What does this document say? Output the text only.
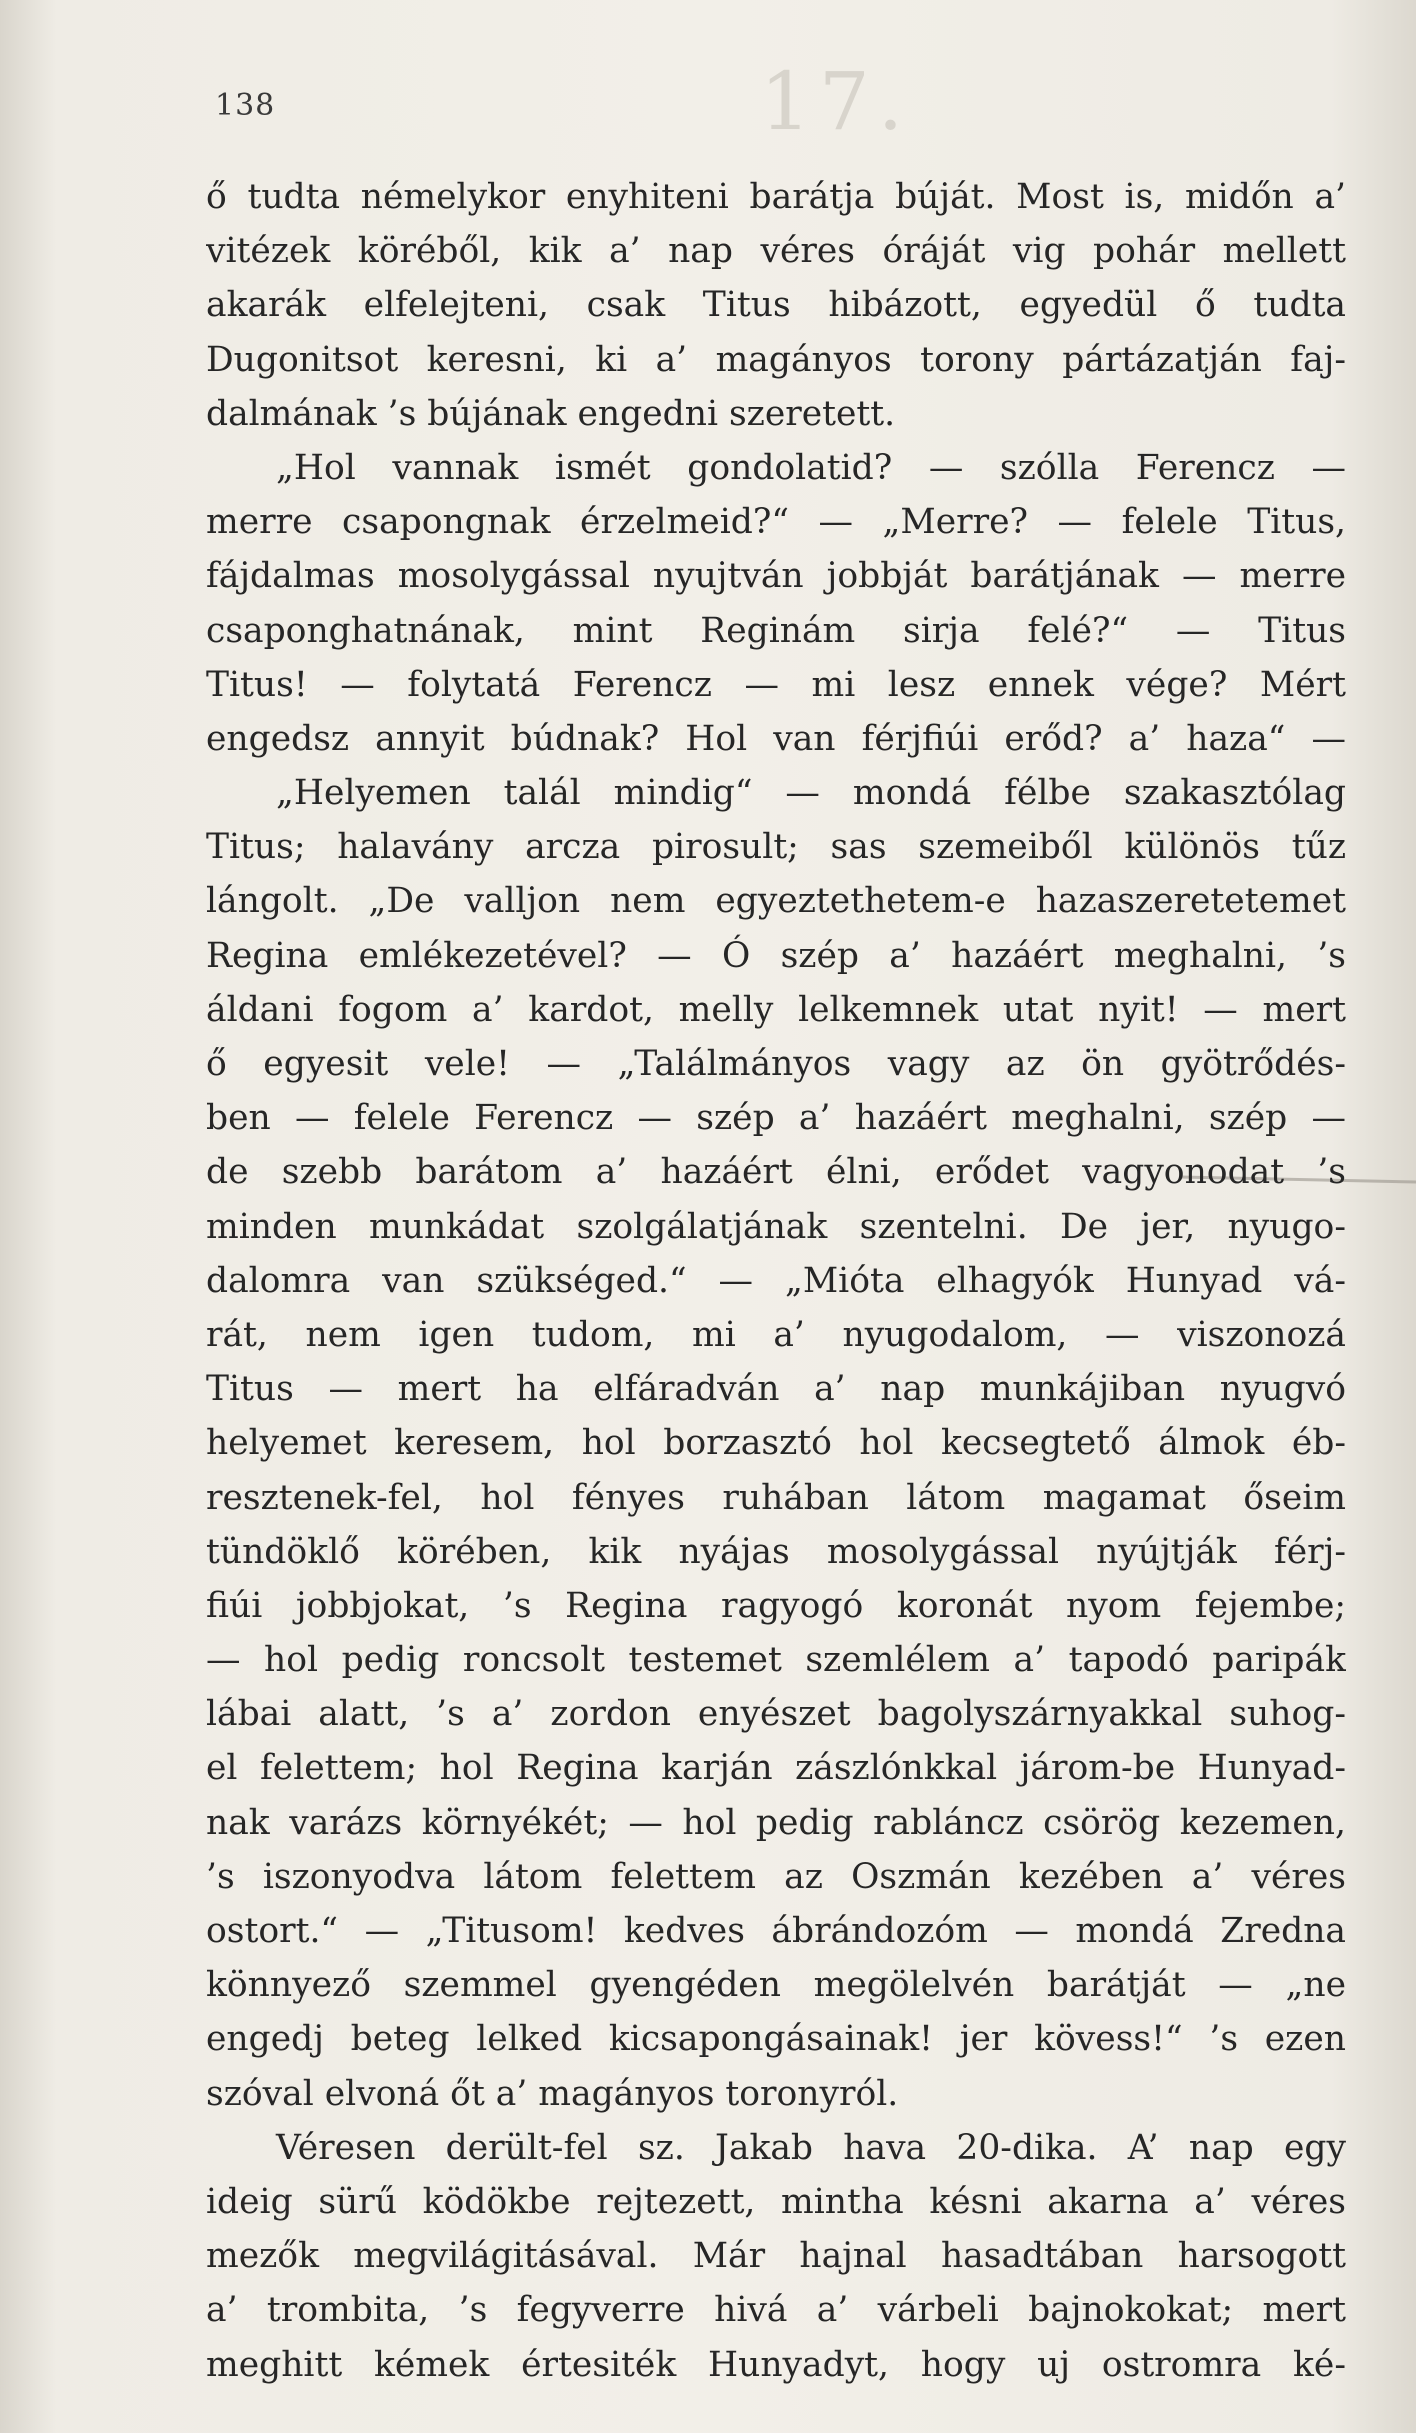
17.
138
ő tudta némelykor enyhiteni barátja búját. Most is, midőn a’
vitézek köréből, kik a’ nap véres óráját vig pohár mellett
akarák elfelejteni, csak Titus hibázott, egyedül ő tudta
Dugonitsot keresni, ki a’ magányos torony pártázatján faj-
dalmának ’s bújának engedni szeretett.
„Hol vannak ismét gondolatid? — szólla Ferencz —
merre csapongnak érzelmeid?“ — „Merre? — felele Titus,
fájdalmas mosolygással nyujtván jobbját barátjának — merre
csaponghatnának, mint Reginám sirja felé?“ — Titus
Titus! — folytatá Ferencz — mi lesz ennek vége? Mért
engedsz annyit búdnak? Hol van férjfiúi erőd? a’ haza“ —
„Helyemen talál mindig“ — mondá félbe szakasztólag
Titus; halavány arcza pirosult; sas szemeiből különös tűz
lángolt. „De valljon nem egyeztethetem-e hazaszeretetemet
Regina emlékezetével? — Ó szép a’ hazáért meghalni, ’s
áldani fogom a’ kardot, melly lelkemnek utat nyit! — mert
ő egyesit vele! — „Találmányos vagy az ön gyötrődés-
ben — felele Ferencz — szép a’ hazáért meghalni, szép —
de szebb barátom a’ hazáért élni, erődet vagyonodat ’s
minden munkádat szolgálatjának szentelni. De jer, nyugo-
dalomra van szükséged.“ — „Mióta elhagyók Hunyad vá-
rát, nem igen tudom, mi a’ nyugodalom, — viszonozá
Titus — mert ha elfáradván a’ nap munkájiban nyugvó
helyemet keresem, hol borzasztó hol kecsegtető álmok éb-
resztenek-fel, hol fényes ruhában látom magamat őseim
tündöklő körében, kik nyájas mosolygással nyújtják férj-
fiúi jobbjokat, ’s Regina ragyogó koronát nyom fejembe;
— hol pedig roncsolt testemet szemlélem a’ tapodó paripák
lábai alatt, ’s a’ zordon enyészet bagolyszárnyakkal suhog-
el felettem; hol Regina karján zászlónkkal járom-be Hunyad-
nak varázs környékét; — hol pedig rablánсz csörög kezemen,
’s iszonyodva látom felettem az Oszmán kezében a’ véres
ostort.“ — „Titusom! kedves ábrándozóm — mondá Zredna
könnyező szemmel gyengéden megölelvén barátját — „ne
engedj beteg lelked kicsapongásainak! jer kövess!“ ’s ezen
szóval elvoná őt a’ magányos toronyról.
Véresen derült-fel sz. Jakab hava 20-dika. A’ nap egy
ideig sürű ködökbe rejtezett, mintha késni akarna a’ véres
mezők megvilágitásával. Már hajnal hasadtában harsogott
a’ trombita, ’s fegyverre hivá a’ várbeli bajnokokat; mert
meghitt kémek értesiték Hunyadyt, hogy uj ostromra ké-
